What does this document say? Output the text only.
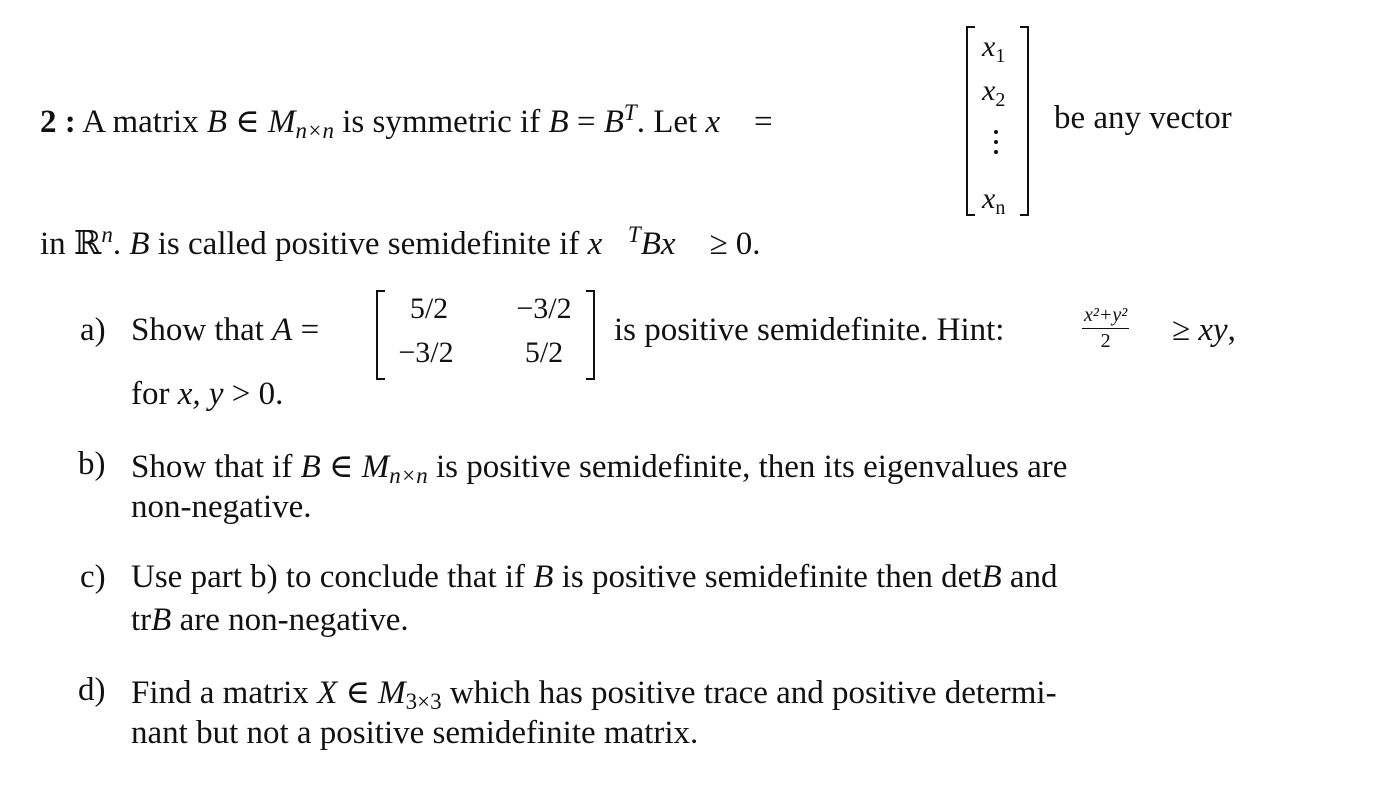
2 : A matrix B ∈ $M_{n\times n}$ is symmetric if $B = B^T$. Let x⃗ =
$x_1$
$x_2$
$x_n$
be any vector
in ℝ$^n$. B is called positive semidefinite if x⃗$^T$Bx⃗ ≥ 0.
a) Show that A =
5/2	−3/2
−3/2	5/2
is positive semidefinite. Hint:	$\frac{\text{x²+y²}}{2}$ ≥ xy,
for x, y > 0.
b) Show that if B ∈ $M_{n\times n}$ is positive semidefinite, then its eigenvalues are
non-negative.
c) Use part b) to conclude that if B is positive semidefinite then detB and
trB are non-negative.
d) Find a matrix X ∈ $M_{3\times 3}$ which has positive trace and positive determi-
nant but not a positive semidefinite matrix.
